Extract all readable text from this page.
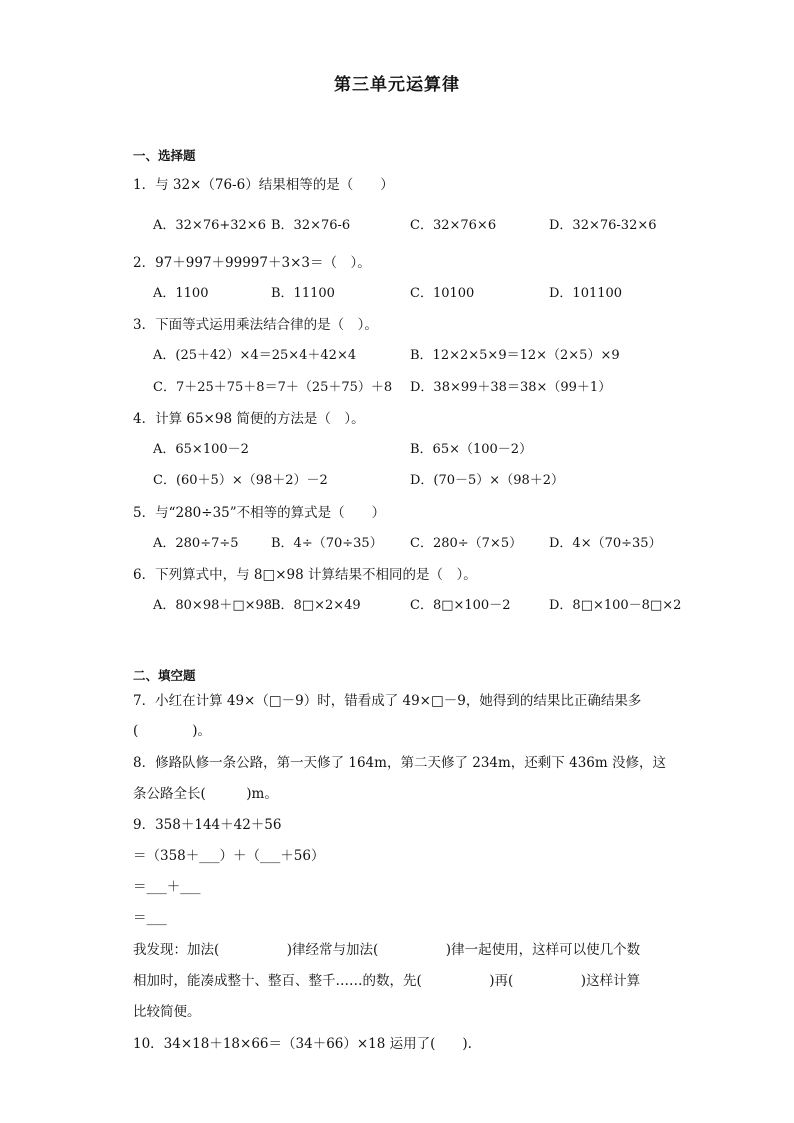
第三单元运算律
一、选择题
1．与 32×（76-6）结果相等的是（　　）
A．32×76+32×6 B．32×76-6	C．32×76×6	D．32×76-32×6
2．97＋997＋99997＋3×3＝（　）。
A．1100	B．11100	C．10100	D．101100
3．下面等式运用乘法结合律的是（　）。
A．(25＋42）×4＝25×4＋42×4	B．12×2×5×9＝12×（2×5）×9
C．7＋25＋75＋8＝7＋（25＋75）＋8 D．38×99＋38＝38×（99＋1）
4．计算 65×98 简便的方法是（　）。
A．65×100－2	B．65×（100－2）
C．(60＋5）×（98＋2）－2	D．(70－5）×（98＋2）
5．与“280÷35”不相等的算式是（　　）
A．280÷7÷5 B．4÷（70÷35） C．280÷（7×5） D．4×（70÷35）
6．下列算式中，与 8□×98 计算结果不相同的是（　）。
A．80×98＋□×98
B．8□×2×49	C．8□×100－2	D．8□×100－8□×2
二、填空题
7．小红在计算 49×（□－9）时，错看成了 49×□－9，她得到的结果比正确结果多
(　　　　)。
8．修路队修一条公路，第一天修了 164m，第二天修了 234m，还剩下 436m 没修，这
条公路全长(　　　)m。
9．358＋144＋42＋56
＝（358＋___）＋（___＋56）
＝___＋___
＝___
我发现：加法(　　　　　)律经常与加法(　　　　　)律一起使用，这样可以使几个数
相加时，能凑成整十、整百、整千……的数，先(　　　　　)再(　　　　　)这样计算
比较简便。
10．34×18＋18×66＝（34＋66）×18 运用了(　　).
